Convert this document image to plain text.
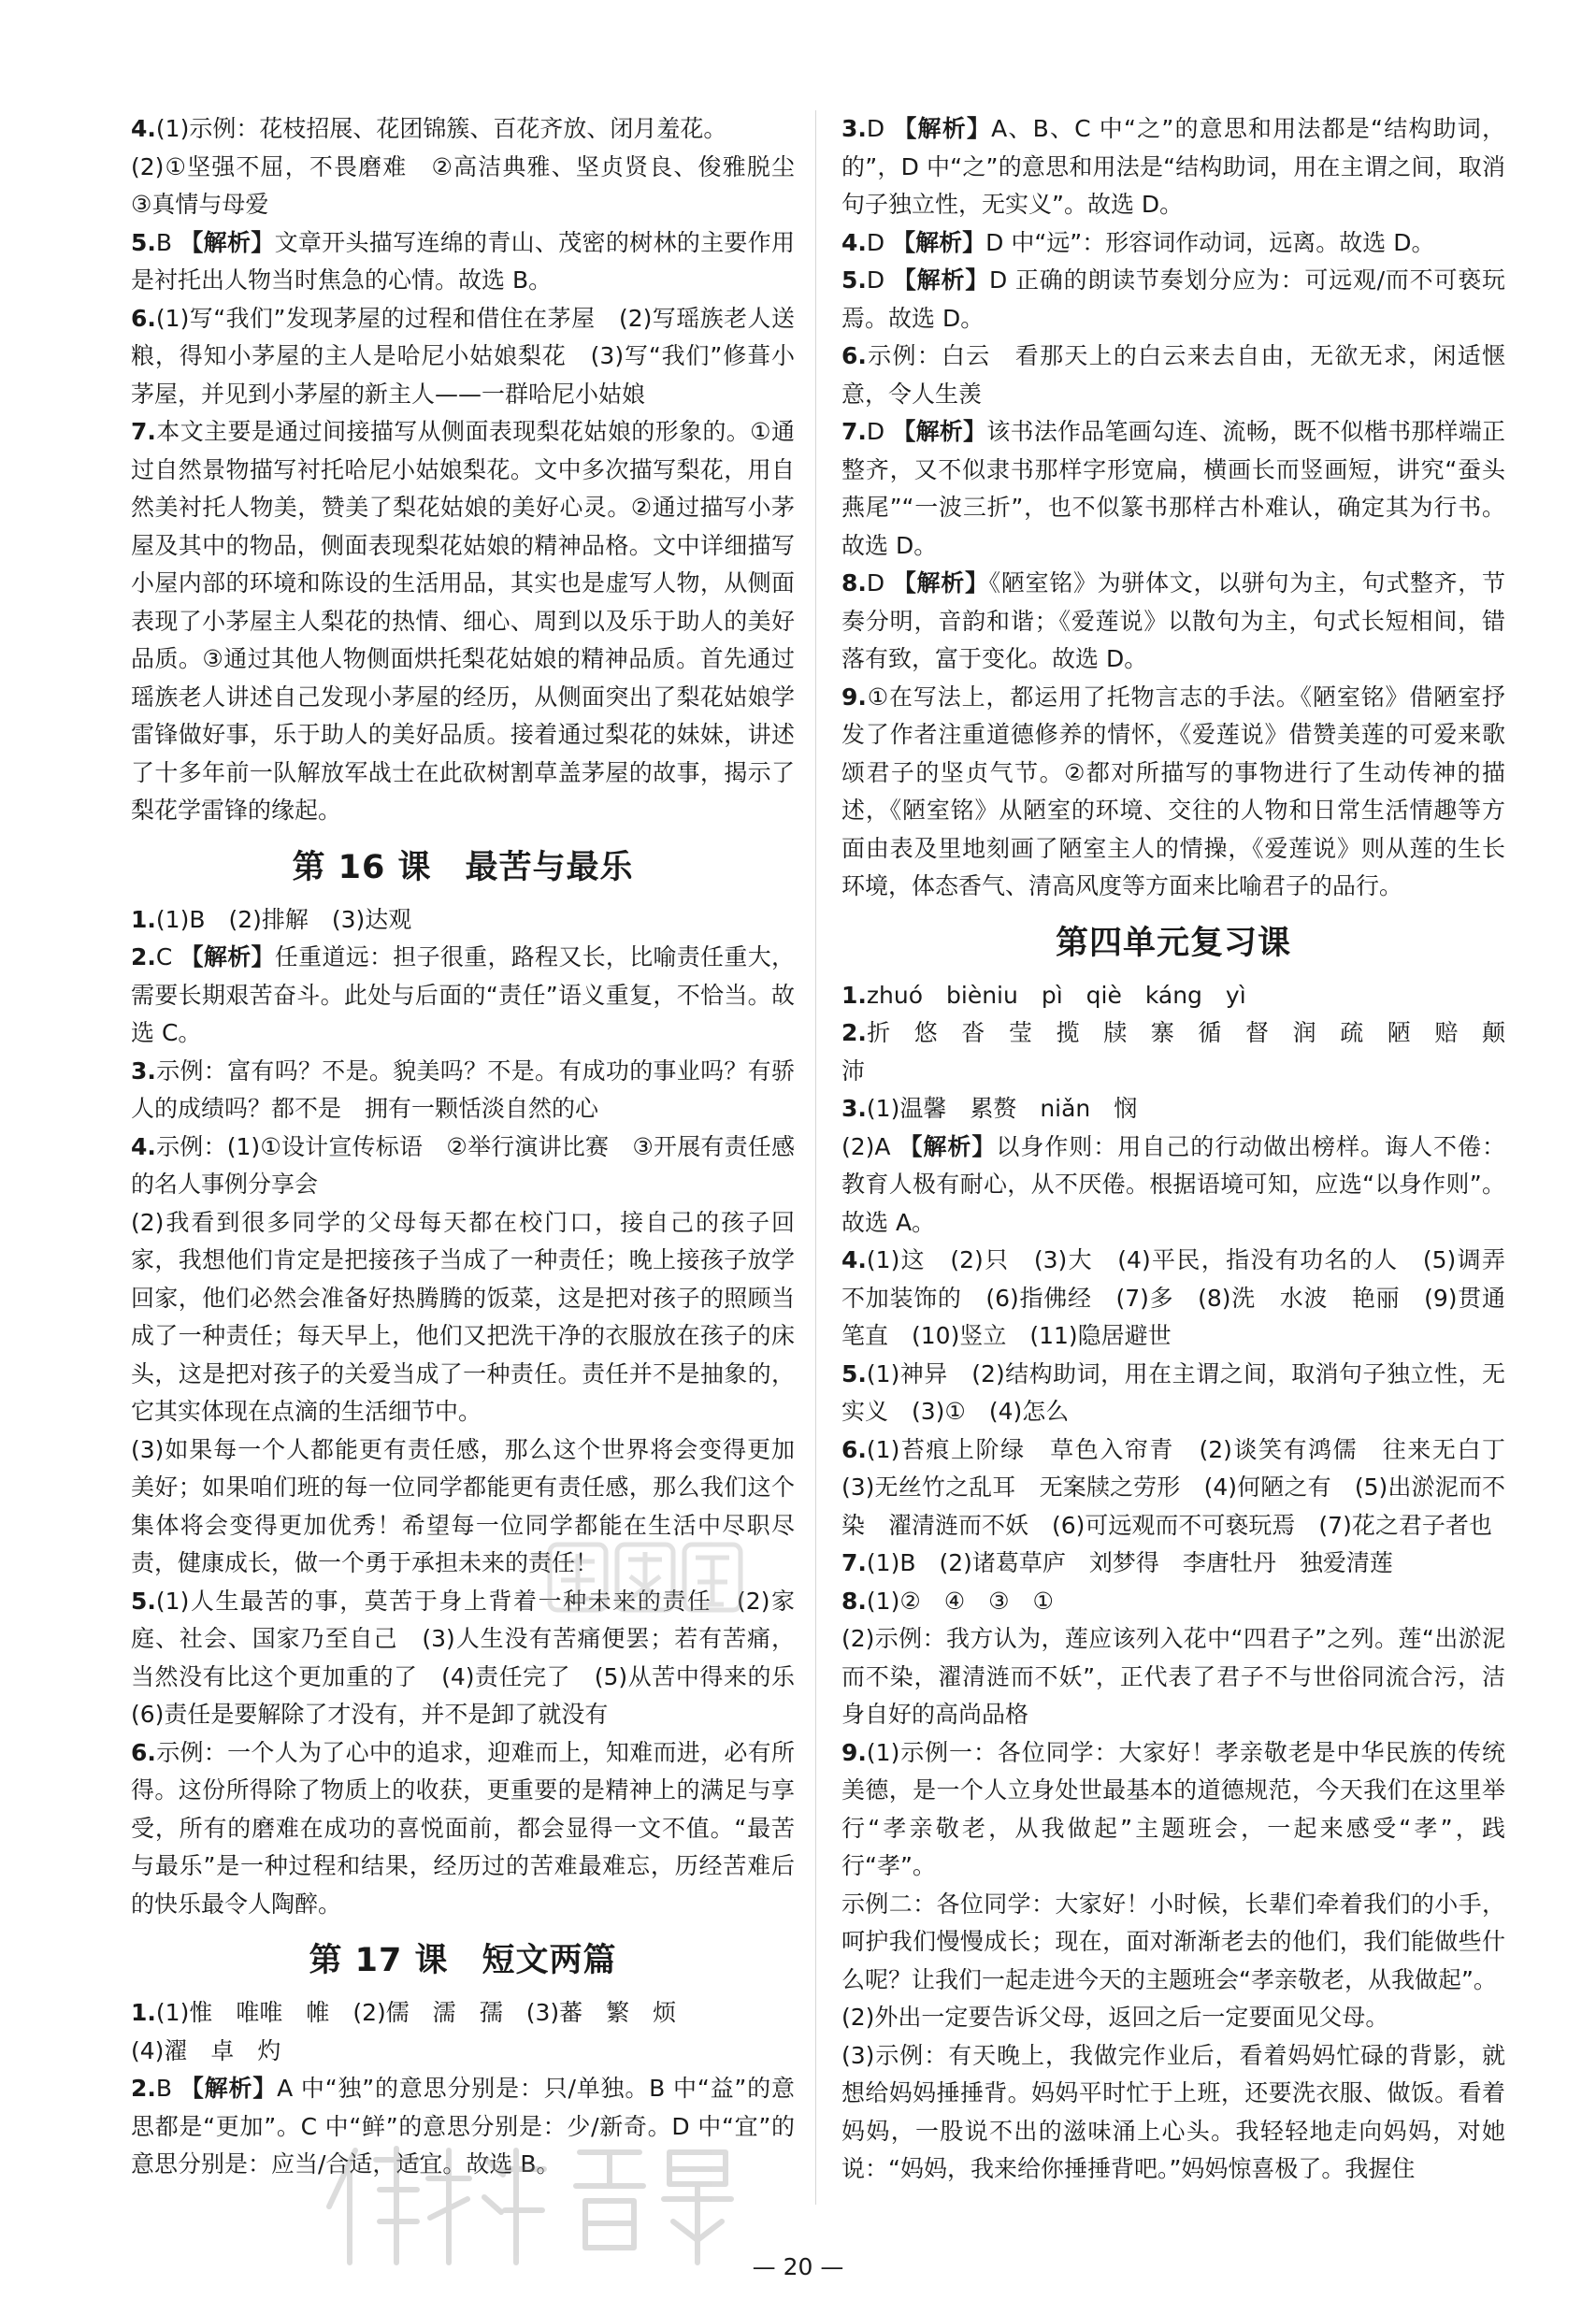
4.(1)示例：花枝招展、花团锦簇、百花齐放、闭月羞花。

(2)①坚强不屈，不畏磨难　②高洁典雅、坚贞贤良、俊雅脱尘　③真情与母爱

5.B 【解析】文章开头描写连绵的青山、茂密的树林的主要作用是衬托出人物当时焦急的心情。故选 B。

6.(1)写“我们”发现茅屋的过程和借住在茅屋　(2)写瑶族老人送粮，得知小茅屋的主人是哈尼小姑娘梨花　(3)写“我们”修葺小茅屋，并见到小茅屋的新主人——一群哈尼小姑娘

7.本文主要是通过间接描写从侧面表现梨花姑娘的形象的。①通过自然景物描写衬托哈尼小姑娘梨花。文中多次描写梨花，用自然美衬托人物美，赞美了梨花姑娘的美好心灵。②通过描写小茅屋及其中的物品，侧面表现梨花姑娘的精神品格。文中详细描写小屋内部的环境和陈设的生活用品，其实也是虚写人物，从侧面表现了小茅屋主人梨花的热情、细心、周到以及乐于助人的美好品质。③通过其他人物侧面烘托梨花姑娘的精神品质。首先通过瑶族老人讲述自己发现小茅屋的经历，从侧面突出了梨花姑娘学雷锋做好事，乐于助人的美好品质。接着通过梨花的妹妹，讲述了十多年前一队解放军战士在此砍树割草盖茅屋的故事，揭示了梨花学雷锋的缘起。

第 16 课　最苦与最乐

1.(1)B　(2)排解　(3)达观

2.C 【解析】任重道远：担子很重，路程又长，比喻责任重大，需要长期艰苦奋斗。此处与后面的“责任”语义重复，不恰当。故选 C。

3.示例：富有吗？不是。貌美吗？不是。有成功的事业吗？有骄人的成绩吗？都不是　拥有一颗恬淡自然的心

4.示例：(1)①设计宣传标语　②举行演讲比赛　③开展有责任感的名人事例分享会

(2)我看到很多同学的父母每天都在校门口，接自己的孩子回家，我想他们肯定是把接孩子当成了一种责任；晚上接孩子放学回家，他们必然会准备好热腾腾的饭菜，这是把对孩子的照顾当成了一种责任；每天早上，他们又把洗干净的衣服放在孩子的床头，这是把对孩子的关爱当成了一种责任。责任并不是抽象的，它其实体现在点滴的生活细节中。

(3)如果每一个人都能更有责任感，那么这个世界将会变得更加美好；如果咱们班的每一位同学都能更有责任感，那么我们这个集体将会变得更加优秀！希望每一位同学都能在生活中尽职尽责，健康成长，做一个勇于承担未来的责任！

5.(1)人生最苦的事，莫苦于身上背着一种未来的责任　(2)家庭、社会、国家乃至自己　(3)人生没有苦痛便罢；若有苦痛，当然没有比这个更加重的了　(4)责任完了　(5)从苦中得来的乐　(6)责任是要解除了才没有，并不是卸了就没有

6.示例：一个人为了心中的追求，迎难而上，知难而进，必有所得。这份所得除了物质上的收获，更重要的是精神上的满足与享受，所有的磨难在成功的喜悦面前，都会显得一文不值。“最苦与最乐”是一种过程和结果，经历过的苦难最难忘，历经苦难后的快乐最令人陶醉。

第 17 课　短文两篇

1.(1)惟　唯唯　帷　(2)儒　濡　孺　(3)蕃　繁　烦

(4)濯　卓　灼

2.B 【解析】A 中“独”的意思分别是：只/单独。B 中“益”的意思都是“更加”。C 中“鲜”的意思分别是：少/新奇。D 中“宜”的意思分别是：应当/合适，适宜。故选 B。

3.D 【解析】A、B、C 中“之”的意思和用法都是“结构助词，的”，D 中“之”的意思和用法是“结构助词，用在主谓之间，取消句子独立性，无实义”。故选 D。

4.D 【解析】D 中“远”：形容词作动词，远离。故选 D。

5.D 【解析】D 正确的朗读节奏划分应为：可远观/而不可亵玩焉。故选 D。

6.示例：白云　看那天上的白云来去自由，无欲无求，闲适惬意，令人生羡

7.D 【解析】该书法作品笔画勾连、流畅，既不似楷书那样端正整齐，又不似隶书那样字形宽扁，横画长而竖画短，讲究“蚕头燕尾”“一波三折”，也不似篆书那样古朴难认，确定其为行书。故选 D。

8.D 【解析】《陋室铭》为骈体文，以骈句为主，句式整齐，节奏分明，音韵和谐；《爱莲说》以散句为主，句式长短相间，错落有致，富于变化。故选 D。

9.①在写法上，都运用了托物言志的手法。《陋室铭》借陋室抒发了作者注重道德修养的情怀，《爱莲说》借赞美莲的可爱来歌颂君子的坚贞气节。②都对所描写的事物进行了生动传神的描述，《陋室铭》从陋室的环境、交往的人物和日常生活情趣等方面由表及里地刻画了陋室主人的情操，《爱莲说》则从莲的生长环境，体态香气、清高风度等方面来比喻君子的品行。

第四单元复习课

1.zhuó　bièniu　pì　qiè　káng　yì

2.折　悠　沓　莹　揽　牍　寨　循　督　润　疏　陋　赔　颠沛

3.(1)温馨　累赘　niǎn　悯

(2)A 【解析】以身作则：用自己的行动做出榜样。诲人不倦：教育人极有耐心，从不厌倦。根据语境可知，应选“以身作则”。故选 A。

4.(1)这　(2)只　(3)大　(4)平民，指没有功名的人　(5)调弄　不加装饰的　(6)指佛经　(7)多　(8)洗　水波　艳丽　(9)贯通　笔直　(10)竖立　(11)隐居避世

5.(1)神异　(2)结构助词，用在主谓之间，取消句子独立性，无实义　(3)①　(4)怎么

6.(1)苔痕上阶绿　草色入帘青　(2)谈笑有鸿儒　往来无白丁　(3)无丝竹之乱耳　无案牍之劳形　(4)何陋之有　(5)出淤泥而不染　濯清涟而不妖　(6)可远观而不可亵玩焉　(7)花之君子者也

7.(1)B　(2)诸葛草庐　刘梦得　李唐牡丹　独爱清莲

8.(1)②　④　③　①

(2)示例：我方认为，莲应该列入花中“四君子”之列。莲“出淤泥而不染，濯清涟而不妖”，正代表了君子不与世俗同流合污，洁身自好的高尚品格

9.(1)示例一：各位同学：大家好！孝亲敬老是中华民族的传统美德，是一个人立身处世最基本的道德规范，今天我们在这里举行“孝亲敬老，从我做起”主题班会，一起来感受“孝”，践行“孝”。

示例二：各位同学：大家好！小时候，长辈们牵着我们的小手，呵护我们慢慢成长；现在，面对渐渐老去的他们，我们能做些什么呢？让我们一起走进今天的主题班会“孝亲敬老，从我做起”。

(2)外出一定要告诉父母，返回之后一定要面见父母。

(3)示例：有天晚上，我做完作业后，看着妈妈忙碌的背影，就想给妈妈捶捶背。妈妈平时忙于上班，还要洗衣服、做饭。看着妈妈，一股说不出的滋味涌上心头。我轻轻地走向妈妈，对她说：“妈妈，我来给你捶捶背吧。”妈妈惊喜极了。我握住

— 20 —
